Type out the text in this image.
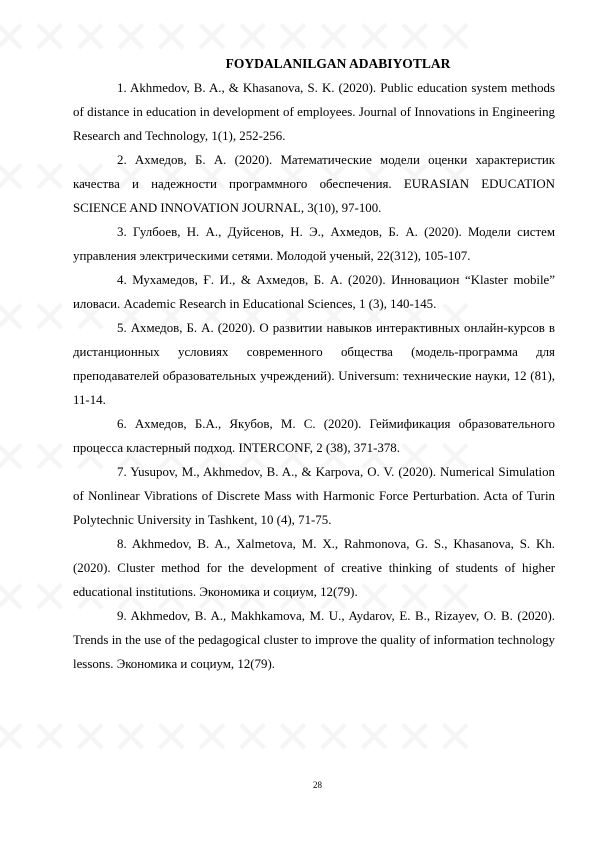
FOYDALANILGAN ADABIYOTLAR
1. Akhmedov, B. A., & Khasanova, S. K. (2020). Public education system methods of distance in education in development of employees. Journal of Innovations in Engineering Research and Technology, 1(1), 252-256.
2. Ахмедов, Б. А. (2020). Математические модели оценки характеристик качества и надежности программного обеспечения. EURASIAN EDUCATION SCIENCE AND INNOVATION JOURNAL, 3(10), 97-100.
3. Гулбоев, Н. А., Дуйсенов, Н. Э., Ахмедов, Б. А. (2020). Модели систем управления электрическими сетями. Молодой ученый, 22(312), 105-107.
4. Мухамедов, Ғ. И., & Ахмедов, Б. А. (2020). Инновацион “Klaster mobile” иловаси. Academic Research in Educational Sciences, 1 (3), 140-145.
5. Ахмедов, Б. А. (2020). О развитии навыков интерактивных онлайн-курсов в дистанционных условиях современного общества (модель-программа для преподавателей образовательных учреждений). Universum: технические науки, 12 (81), 11-14.
6. Ахмедов, Б.А., Якубов, М. С. (2020). Геймификация образовательного процесса кластерный подход. INTERCONF, 2 (38), 371-378.
7. Yusupov, M., Akhmedov, B. A., & Karpova, O. V. (2020). Numerical Simulation of Nonlinear Vibrations of Discrete Mass with Harmonic Force Perturbation. Acta of Turin Polytechnic University in Tashkent, 10 (4), 71-75.
8. Akhmedov, B. A., Xalmetova, M. X., Rahmonova, G. S., Khasanova, S. Kh. (2020). Cluster method for the development of creative thinking of students of higher educational institutions. Экономика и социум, 12(79).
9. Akhmedov, B. A., Makhkamova, M. U., Aydarov, E. B., Rizayev, O. B. (2020). Trends in the use of the pedagogical cluster to improve the quality of information technology lessons. Экономика и социум, 12(79).
28
